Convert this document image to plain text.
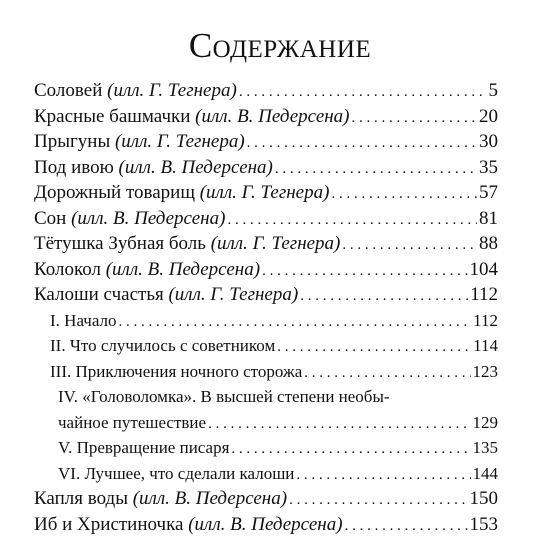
Содержание
Соловей (илл. Г. Тегнера) . . .	5
Красные башмачки (илл. В. Педерсена) . . .	20
Прыгуны (илл. Г. Тегнера) . . .	30
Под ивою (илл. В. Педерсена) . . .	35
Дорожный товарищ (илл. Г. Тегнера) . . .	57
Сон (илл. В. Педерсена) . . .	81
Тётушка Зубная боль (илл. Г. Тегнера) . . .	88
Колокол (илл. В. Педерсена) . . .	104
Калоши счастья (илл. Г. Тегнера) . . .	112
I. Начало . . .	112
II. Что случилось с советником . . .	114
III. Приключения ночного сторожа . . .	123
IV. «Головоломка». В высшей степени необы-
чайное путешествие . . .	129
V. Превращение писаря . . .	135
VI. Лучшее, что сделали калоши . . .	144
Капля воды (илл. В. Педерсена) . . .	150
Иб и Христиночка (илл. В. Педерсена) . . .	153
